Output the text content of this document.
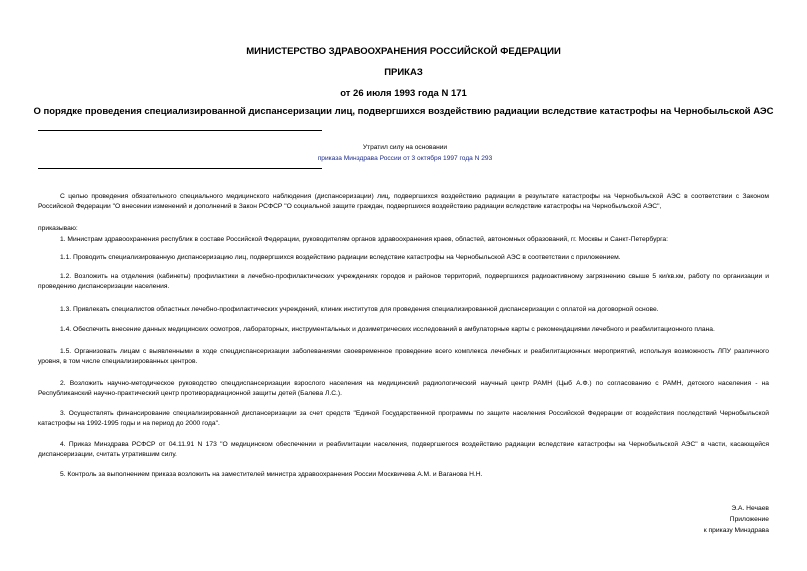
МИНИСТЕРСТВО ЗДРАВООХРАНЕНИЯ РОССИЙСКОЙ ФЕДЕРАЦИИ
ПРИКАЗ
от 26 июля 1993 года N 171
О порядке проведения специализированной диспансеризации лиц, подвергшихся воздействию радиации вследствие катастрофы на Чернобыльской АЭС
Утратил силу на основании
приказа Минздрава России от 3 октября 1997 года N 293
С целью проведения обязательного специального медицинского наблюдения (диспансеризации) лиц, подвергшихся воздействию радиации в результате катастрофы на Чернобыльской АЭС в соответствии с Законом Российской Федерации "О внесении изменений и дополнений в Закон РСФСР "О социальной защите граждан, подвергшихся воздействию радиации вследствие катастрофы на Чернобыльской АЭС",
приказываю:
1. Министрам здравоохранения республик в составе Российской Федерации, руководителям органов здравоохранения краев, областей, автономных образований, гг. Москвы и Санкт-Петербурга:
1.1. Проводить специализированную диспансеризацию лиц, подвергшихся воздействию радиации вследствие катастрофы на Чернобыльской АЭС в соответствии с приложением.
1.2. Возложить на отделения (кабинеты) профилактики в лечебно-профилактических учреждениях городов и районов территорий, подвергшихся радиоактивному загрязнению свыше 5 ки/кв.км, работу по организации и проведению диспансеризации населения.
1.3. Привлекать специалистов областных лечебно-профилактических учреждений, клиник институтов для проведения специализированной диспансеризации с оплатой на договорной основе.
1.4. Обеспечить внесение данных медицинских осмотров, лабораторных, инструментальных и дозиметрических исследований в амбулаторные карты с рекомендациями лечебного и реабилитационного плана.
1.5. Организовать лицам с выявленными в ходе спецдиспансеризации заболеваниями своевременное проведение всего комплекса лечебных и реабилитационных мероприятий, используя возможность ЛПУ различного уровня, в том числе специализированных центров.
2. Возложить научно-методическое руководство спецдиспансеризации взрослого населения на медицинский радиологический научный центр РАМН (Цыб А.Ф.) по согласованию с РАМН, детского населения - на Республиканский научно-практический центр противорадиационной защиты детей (Балева Л.С.).
3. Осуществлять финансирование специализированной диспансеризации за счет средств "Единой Государственной программы по защите населения Российской Федерации от воздействия последствий Чернобыльской катастрофы на 1992-1995 годы и на период до 2000 года".
4. Приказ Минздрава РСФСР от 04.11.91 N 173 "О медицинском обеспечении и реабилитации населения, подвергшегося воздействию радиации вследствие катастрофы на Чернобыльской АЭС" в части, касающейся диспансеризации, считать утратившим силу.
5. Контроль за выполнением приказа возложить на заместителей министра здравоохранения России Москвичева А.М. и Ваганова Н.Н.
Э.А. Нечаев
Приложение
к приказу Минздрава
